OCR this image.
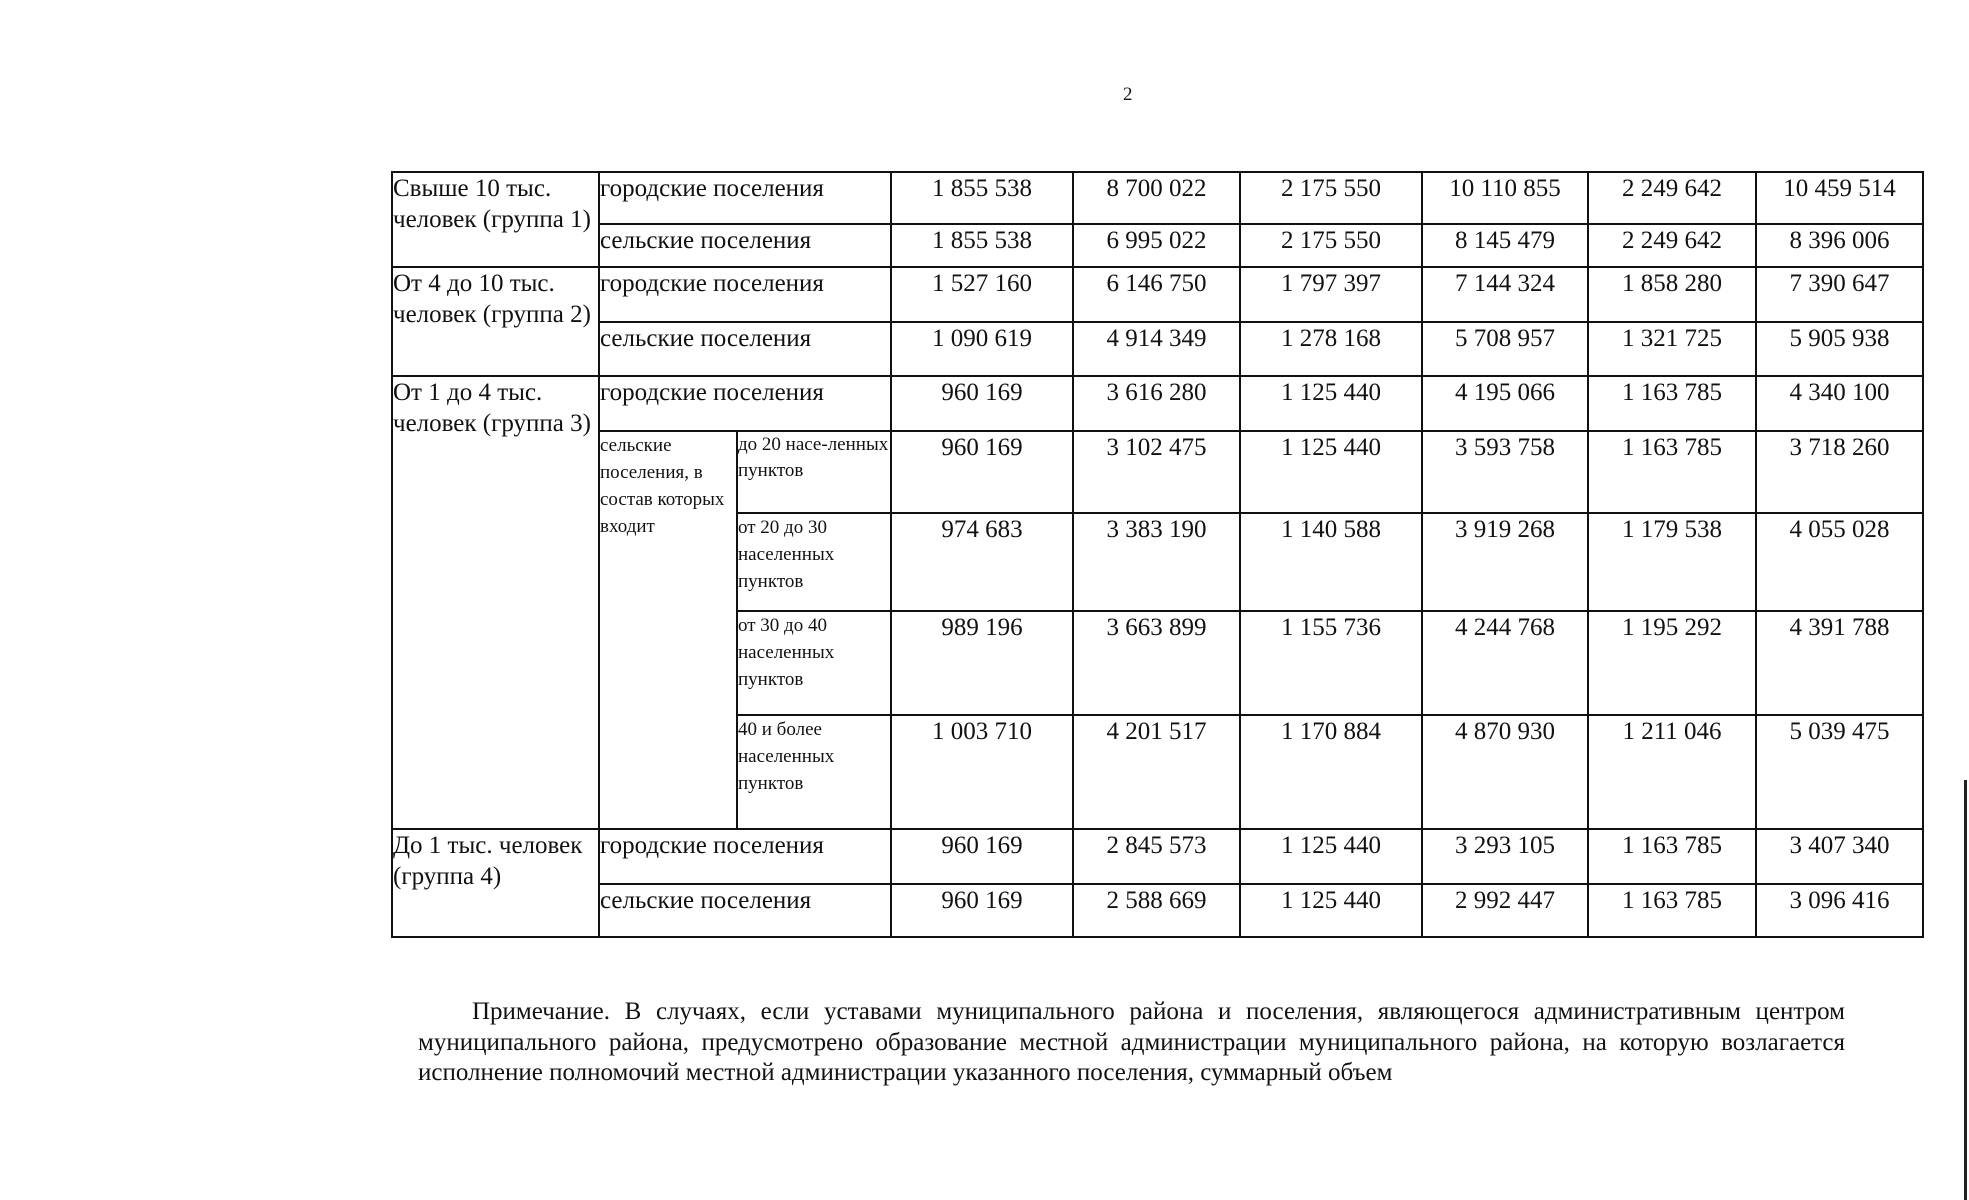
2
Свыше 10 тыс. человек (группа 1)	городские поселения		1 855 538	8 700 022	2 175 550	10 110 855	2 249 642	10 459 514
	сельские поселения		1 855 538	6 995 022	2 175 550	8 145 479	2 249 642	8 396 006
От 4 до 10 тыс. человек (группа 2)	городские поселения		1 527 160	6 146 750	1 797 397	7 144 324	1 858 280	7 390 647
	сельские поселения		1 090 619	4 914 349	1 278 168	5 708 957	1 321 725	5 905 938
От 1 до 4 тыс. человек (группа 3)	городские поселения		960 169	3 616 280	1 125 440	4 195 066	1 163 785	4 340 100
	сельские поселения, в состав которых входит	до 20 насе-ленных пунктов	960 169	3 102 475	1 125 440	3 593 758	1 163 785	3 718 260
		от 20 до 30 населенных пунктов	974 683	3 383 190	1 140 588	3 919 268	1 179 538	4 055 028
		от 30 до 40 населенных пунктов	989 196	3 663 899	1 155 736	4 244 768	1 195 292	4 391 788
		40 и более населенных пунктов	1 003 710	4 201 517	1 170 884	4 870 930	1 211 046	5 039 475
До 1 тыс. человек (группа 4)	городские поселения		960 169	2 845 573	1 125 440	3 293 105	1 163 785	3 407 340
	сельские поселения		960 169	2 588 669	1 125 440	2 992 447	1 163 785	3 096 416

Примечание. В случаях, если уставами муниципального района и поселения, являющегося административным центром муниципального района, предусмотрено образование местной администрации муниципального района, на которую возлагается исполнение полномочий местной администрации указанного поселения, суммарный объем
